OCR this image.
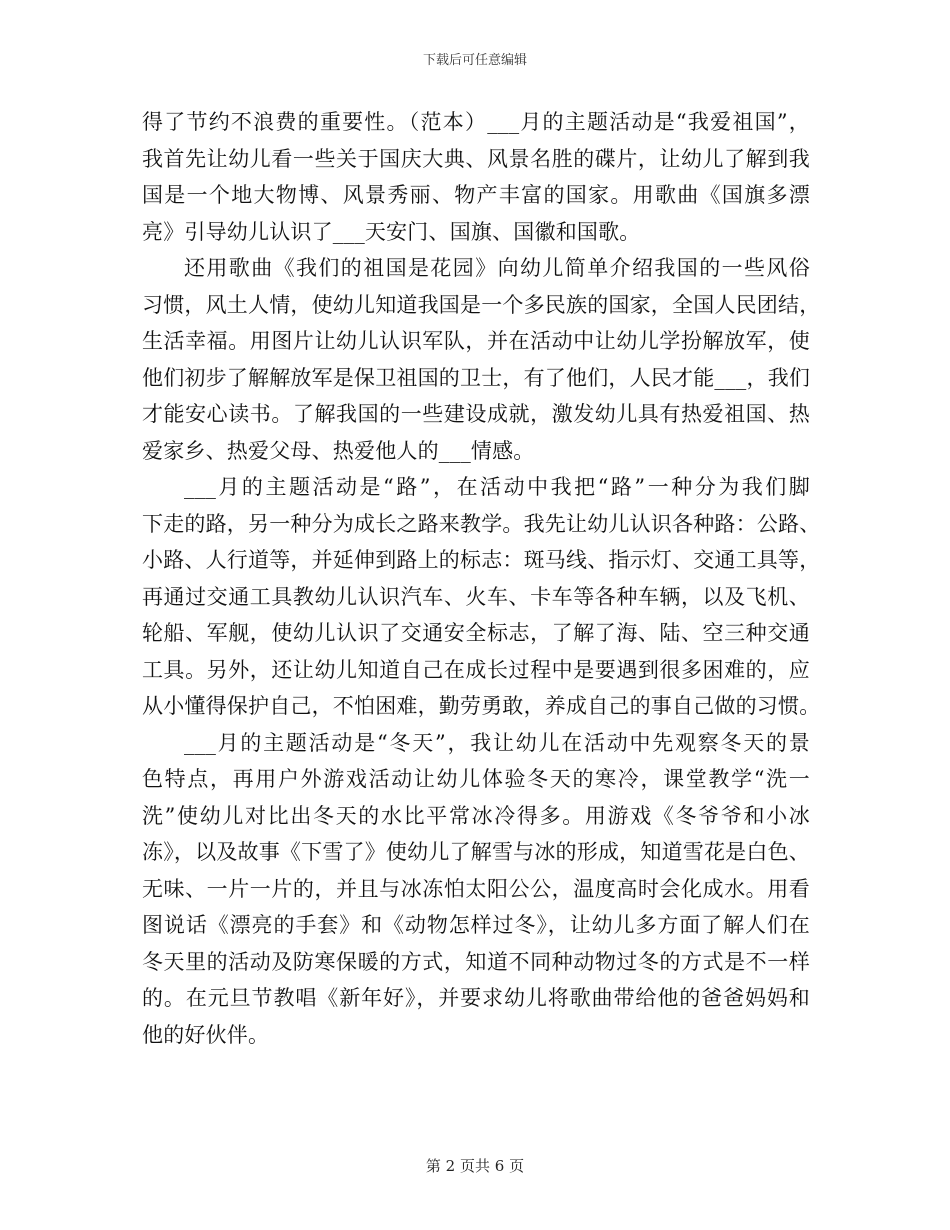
下载后可任意编辑
得了节约不浪费的重要性。（范本）___月的主题活动是“我爱祖国”，
我首先让幼儿看一些关于国庆大典、风景名胜的碟片，让幼儿了解到我
国是一个地大物博、风景秀丽、物产丰富的国家。用歌曲《国旗多漂
亮》引导幼儿认识了___天安门、国旗、国徽和国歌。
还用歌曲《我们的祖国是花园》向幼儿简单介绍我国的一些风俗
习惯，风土人情，使幼儿知道我国是一个多民族的国家，全国人民团结，
生活幸福。用图片让幼儿认识军队，并在活动中让幼儿学扮解放军，使
他们初步了解解放军是保卫祖国的卫士，有了他们，人民才能___，我们
才能安心读书。了解我国的一些建设成就，激发幼儿具有热爱祖国、热
爱家乡、热爱父母、热爱他人的___情感。
___月的主题活动是“路”，在活动中我把“路”一种分为我们脚
下走的路，另一种分为成长之路来教学。我先让幼儿认识各种路：公路、
小路、人行道等，并延伸到路上的标志：斑马线、指示灯、交通工具等，
再通过交通工具教幼儿认识汽车、火车、卡车等各种车辆，以及飞机、
轮船、军舰，使幼儿认识了交通安全标志，了解了海、陆、空三种交通
工具。另外，还让幼儿知道自己在成长过程中是要遇到很多困难的，应
从小懂得保护自己，不怕困难，勤劳勇敢，养成自己的事自己做的习惯。
___月的主题活动是“冬天”，我让幼儿在活动中先观察冬天的景
色特点，再用户外游戏活动让幼儿体验冬天的寒冷，课堂教学“洗一
洗”使幼儿对比出冬天的水比平常冰冷得多。用游戏《冬爷爷和小冰
冻》，以及故事《下雪了》使幼儿了解雪与冰的形成，知道雪花是白色、
无味、一片一片的，并且与冰冻怕太阳公公，温度高时会化成水。用看
图说话《漂亮的手套》和《动物怎样过冬》，让幼儿多方面了解人们在
冬天里的活动及防寒保暖的方式，知道不同种动物过冬的方式是不一样
的。在元旦节教唱《新年好》，并要求幼儿将歌曲带给他的爸爸妈妈和
他的好伙伴。
第 2 页共 6 页
